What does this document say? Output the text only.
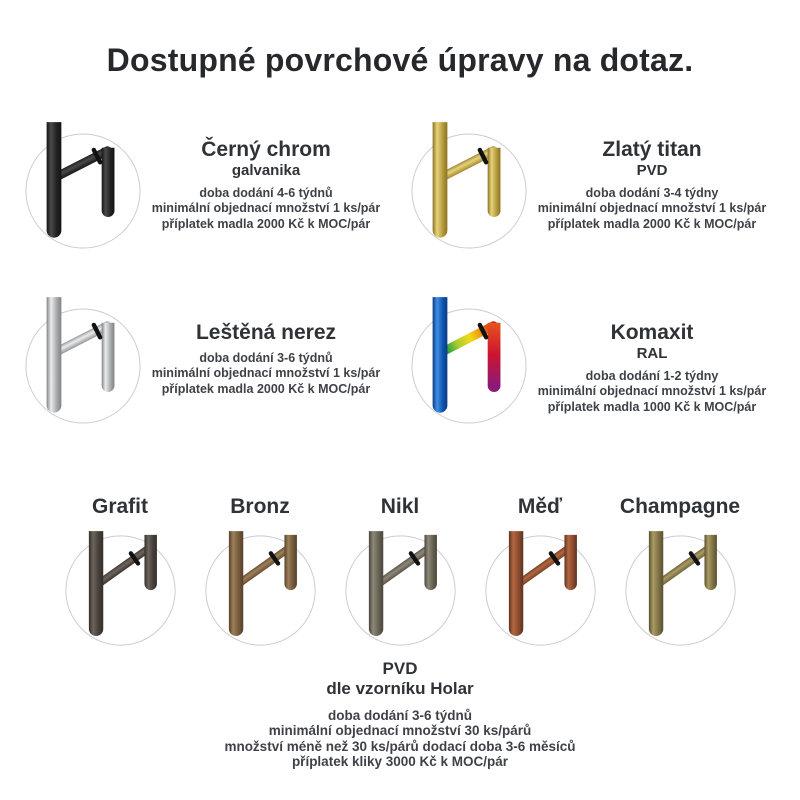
Dostupné povrchové úpravy na dotaz.
Černý chrom
galvanika
doba dodání 4-6 týdnů
minimální objednací množství 1 ks/pár
příplatek madla 2000 Kč k MOC/pár
Zlatý titan
PVD
doba dodání 3-4 týdny
minimální objednací množství 1 ks/pár
příplatek madla 2000 Kč k MOC/pár
Leštěná nerez
doba dodání 3-6 týdnů
minimální objednací množství 1 ks/pár
příplatek madla 2000 Kč k MOC/pár
Komaxit
RAL
doba dodání 1-2 týdny
minimální objednací množství 1 ks/pár
příplatek madla 1000 Kč k MOC/pár
Grafit	Bronz	Nikl	Měď	Champagne
PVD
dle vzorníku Holar
doba dodání 3-6 týdnů
minimální objednací množství 30 ks/párů
množství méně než 30 ks/párů dodací doba 3-6 měsíců
příplatek kliky 3000 Kč k MOC/pár
